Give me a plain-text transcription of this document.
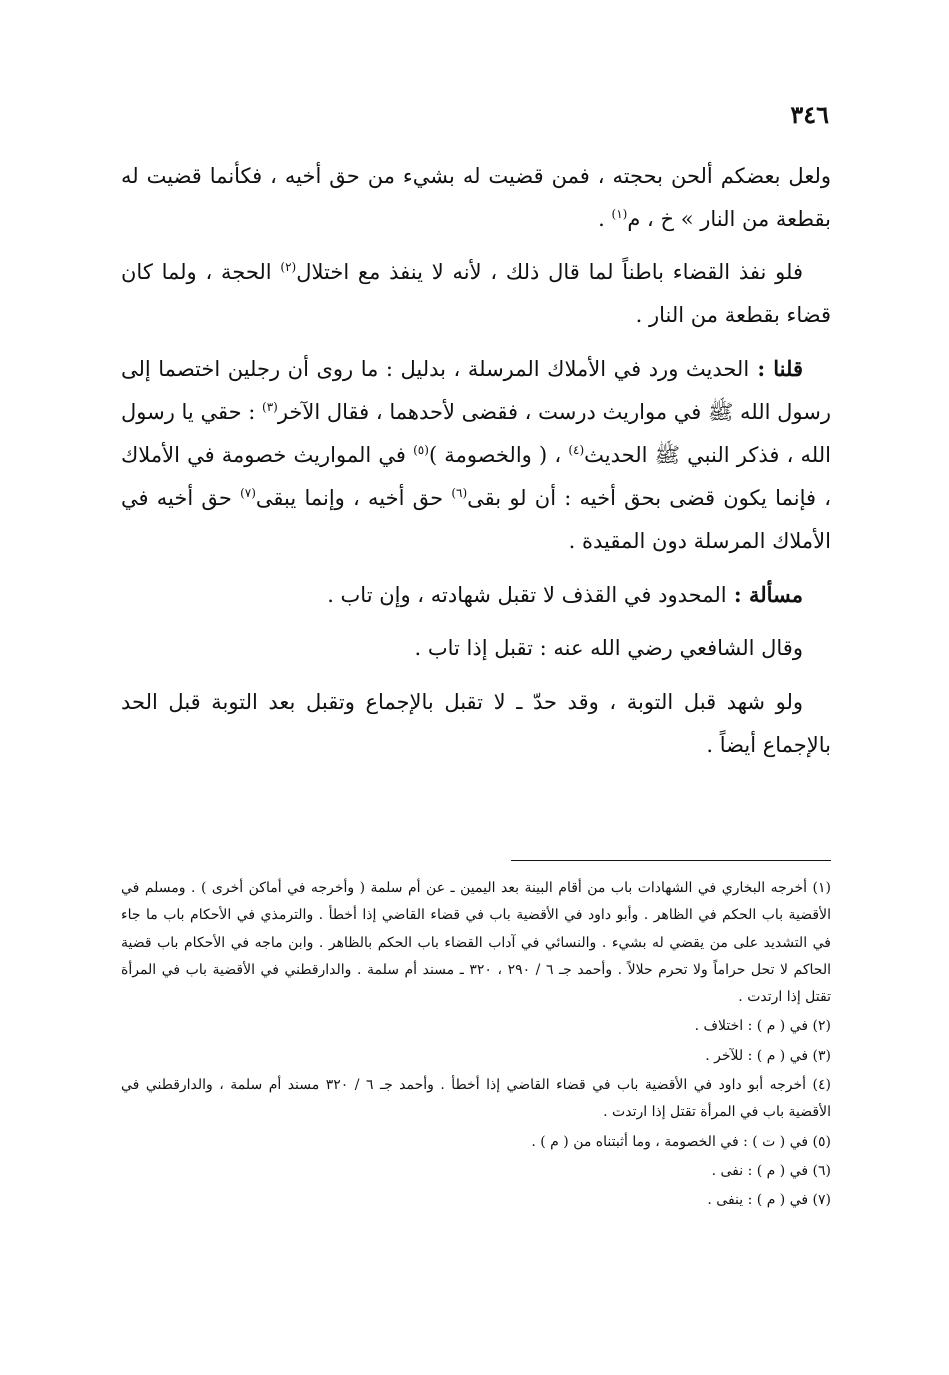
٣٤٦

ولعل بعضكم ألحن بحجته ، فمن قضيت له بشيء من حق أخيه ، فكأنما قضيت له بقطعة من النار » خ ، م$^{(١)}$ .

فلو نفذ القضاء باطناً لما قال ذلك ، لأنه لا ينفذ مع اختلال$^{(٢)}$ الحجة ، ولما كان قضاء بقطعة من النار .

قلنا : الحديث ورد في الأملاك المرسلة ، بدليل : ما روى أن رجلين اختصما إلى رسول الله ﷺ في مواريث درست ، فقضى لأحدهما ، فقال الآخر$^{(٣)}$ : حقي يا رسول الله ، فذكر النبي ﷺ الحديث$^{(٤)}$ ، ( والخصومة )$^{(٥)}$ في المواريث خصومة في الأملاك ، فإنما يكون قضى بحق أخيه : أن لو بقى$^{(٦)}$ حق أخيه ، وإنما يبقى$^{(٧)}$ حق أخيه في الأملاك المرسلة دون المقيدة .

مسألة : المحدود في القذف لا تقبل شهادته ، وإن تاب .

وقال الشافعي رضي الله عنه : تقبل إذا تاب .

ولو شهد قبل التوبة ، وقد حدّ ـ لا تقبل بالإجماع وتقبل بعد التوبة قبل الحد بالإجماع أيضاً .

(١) أخرجه البخاري في الشهادات باب من أقام البينة بعد اليمين ـ عن أم سلمة ( وأخرجه في أماكن أخرى ) . ومسلم في الأقضية باب الحكم في الظاهر . وأبو داود في الأقضية باب في قضاء القاضي إذا أخطأ . والترمذي في الأحكام باب ما جاء في التشديد على من يقضي له بشيء . والنسائي في آداب القضاء باب الحكم بالظاهر . وابن ماجه في الأحكام باب قضية الحاكم لا تحل حراماً ولا تحرم حلالاً . وأحمد جـ ٦ / ٢٩٠ ، ٣٢٠ ـ مسند أم سلمة . والدارقطني في الأقضية باب في المرأة تقتل إذا ارتدت .
(٢) في ( م ) : اختلاف .
(٣) في ( م ) : للآخر .
(٤) أخرجه أبو داود في الأقضية باب في قضاء القاضي إذا أخطأ . وأحمد جـ ٦ / ٣٢٠ مسند أم سلمة ، والدارقطني في الأقضية باب في المرأة تقتل إذا ارتدت .
(٥) في ( ت ) : في الخصومة ، وما أثبتناه من ( م ) .
(٦) في ( م ) : نفى .
(٧) في ( م ) : ينفى .
